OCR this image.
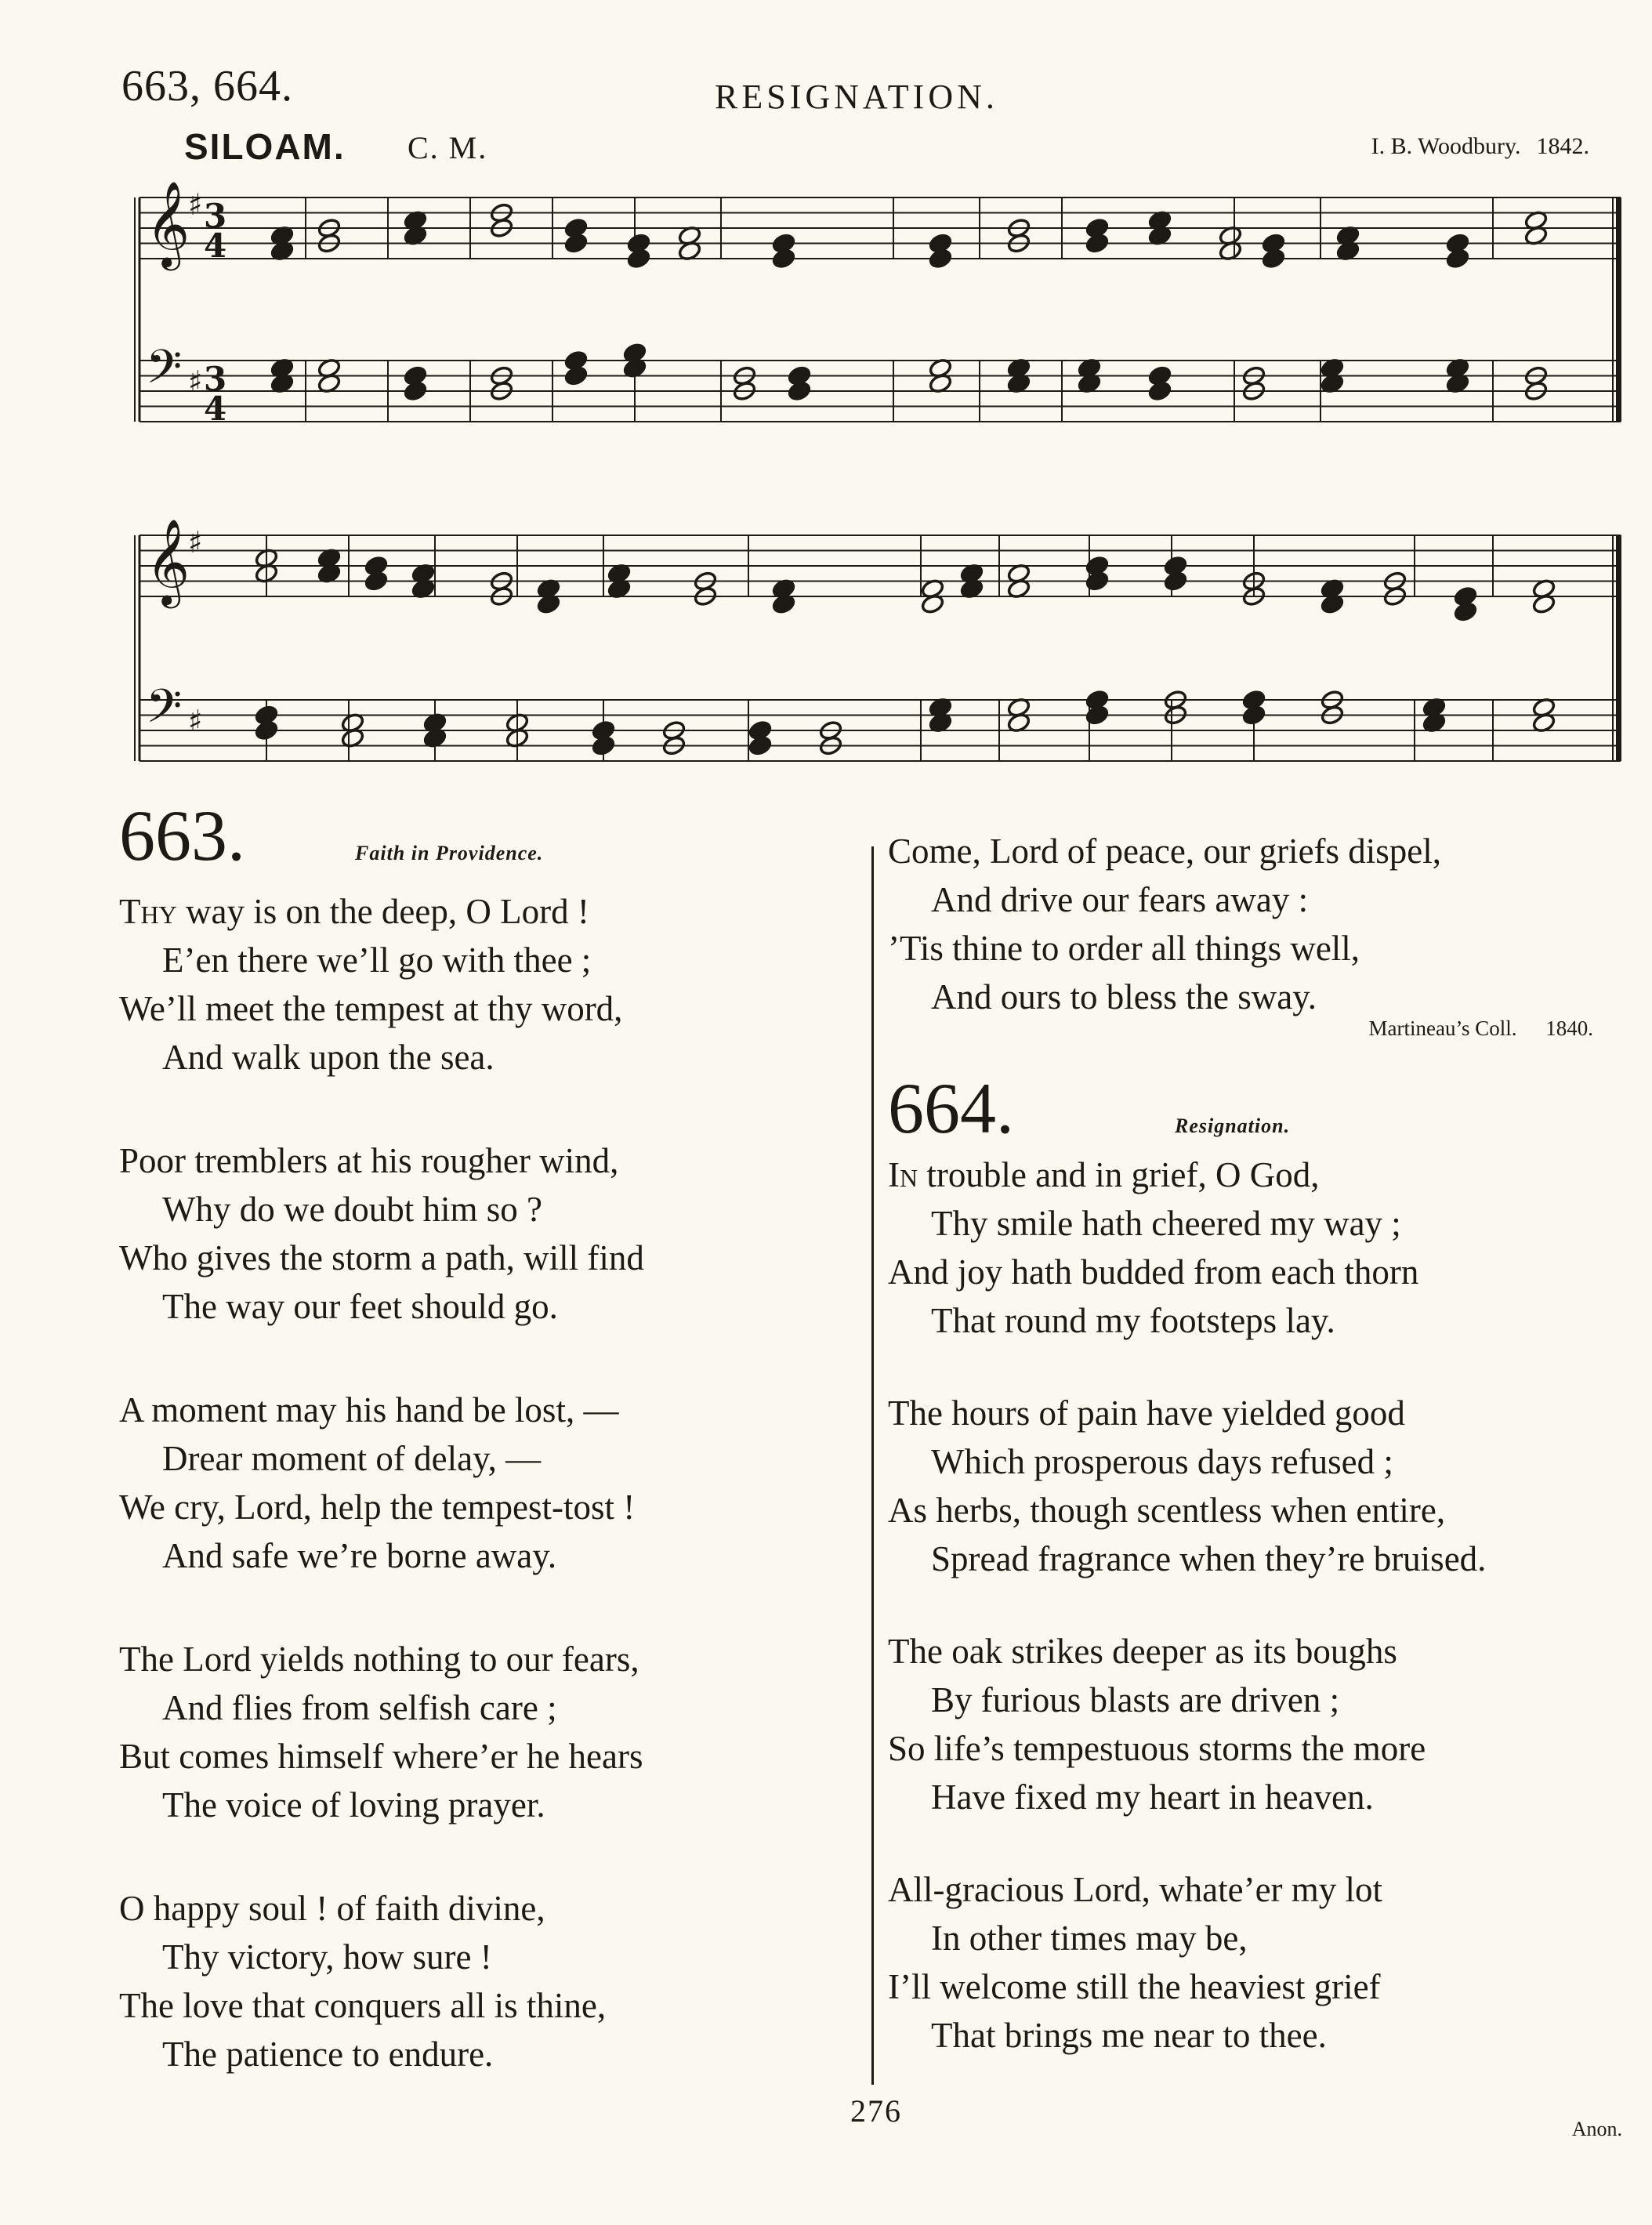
663, 664.	RESIGNATION.
SILOAM. C. M.	I. B. Woodbury. 1842.
𝄞
♯ 3
4
𝄢 ♯ 3
4
𝄞
♯
𝄢 ♯
663.	Faith in Providence.
Thy way is on the deep, O Lord !
E’en there we’ll go with thee ;
We’ll meet the tempest at thy word,
And walk upon the sea.
Poor tremblers at his rougher wind,
Why do we doubt him so ?
Who gives the storm a path, will find
The way our feet should go.
A moment may his hand be lost, —
Drear moment of delay, —
We cry, Lord, help the tempest-tost !
And safe we’re borne away.
The Lord yields nothing to our fears,
And flies from selfish care ;
But comes himself where’er he hears
The voice of loving prayer.
O happy soul ! of faith divine,
Thy victory, how sure !
The love that conquers all is thine,
The patience to endure.
Come, Lord of peace, our griefs dispel,
And drive our fears away :
’Tis thine to order all things well,
And ours to bless the sway.
Martineau’s Coll. 1840.
664.	Resignation.
In trouble and in grief, O God,
Thy smile hath cheered my way ;
And joy hath budded from each thorn
That round my footsteps lay.
The hours of pain have yielded good
Which prosperous days refused ;
As herbs, though scentless when entire,
Spread fragrance when they’re bruised.
The oak strikes deeper as its boughs
By furious blasts are driven ;
So life’s tempestuous storms the more
Have fixed my heart in heaven.
All-gracious Lord, whate’er my lot
In other times may be,
I’ll welcome still the heaviest grief
That brings me near to thee.
276
Anon.
